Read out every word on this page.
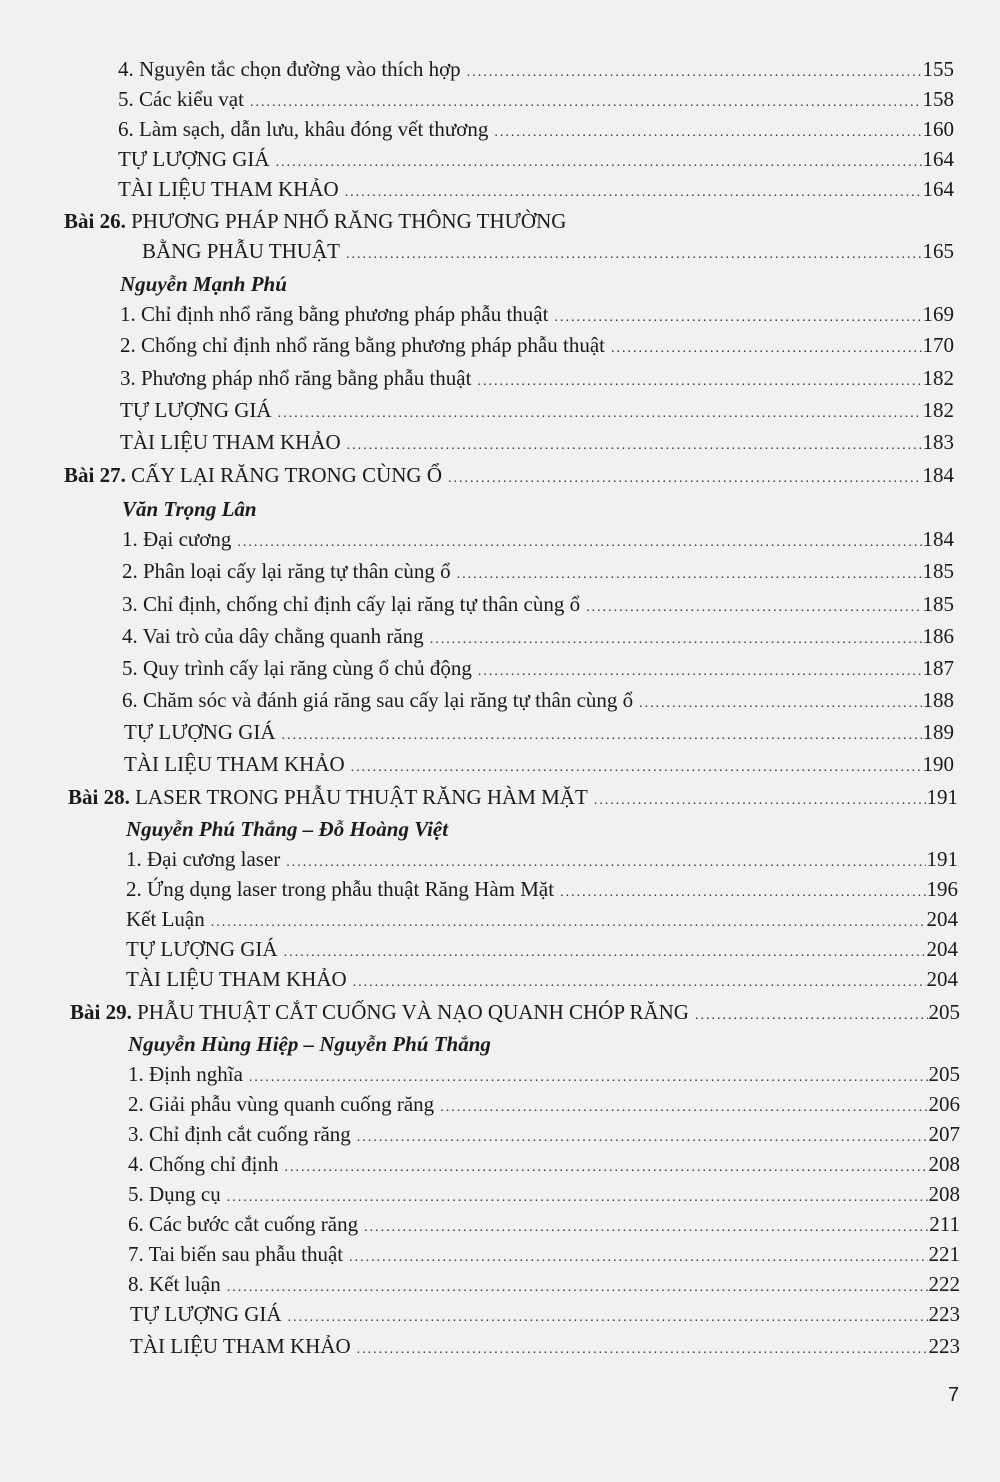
4. Nguyên tắc chọn đường vào thích hợp .....	155
5. Các kiểu vạt .....	158
6. Làm sạch, dẫn lưu, khâu đóng vết thương .....	160
TỰ LƯỢNG GIÁ .....	164
TÀI LIỆU THAM KHẢO .....	164
Bài 26. PHƯƠNG PHÁP NHỔ RĂNG THÔNG THƯỜNG
BẰNG PHẪU THUẬT .....	165
Nguyễn Mạnh Phú
1. Chỉ định nhổ răng bằng phương pháp phẫu thuật .....	169
2. Chống chỉ định nhổ răng bằng phương pháp phẫu thuật .....	170
3. Phương pháp nhổ răng bằng phẫu thuật .....	182
TỰ LƯỢNG GIÁ .....	182
TÀI LIỆU THAM KHẢO .....	183
Bài 27. CẤY LẠI RĂNG TRONG CÙNG Ổ .....	184
Văn Trọng Lân
1. Đại cương .....	184
2. Phân loại cấy lại răng tự thân cùng ổ .....	185
3. Chỉ định, chống chỉ định cấy lại răng tự thân cùng ổ .....	185
4. Vai trò của dây chằng quanh răng .....	186
5. Quy trình cấy lại răng cùng ổ chủ động .....	187
6. Chăm sóc và đánh giá răng sau cấy lại răng tự thân cùng ổ .....	188
TỰ LƯỢNG GIÁ .....	189
TÀI LIỆU THAM KHẢO .....	190
Bài 28. LASER TRONG PHẪU THUẬT RĂNG HÀM MẶT .....	191
Nguyễn Phú Thắng – Đỗ Hoàng Việt
1. Đại cương laser .....	191
2. Ứng dụng laser trong phẫu thuật Răng Hàm Mặt .....	196
Kết Luận .....	204
TỰ LƯỢNG GIÁ .....	204
TÀI LIỆU THAM KHẢO .....	204
Bài 29. PHẪU THUẬT CẮT CUỐNG VÀ NẠO QUANH CHÓP RĂNG .....	205
Nguyễn Hùng Hiệp – Nguyễn Phú Thắng
1. Định nghĩa .....	205
2. Giải phẫu vùng quanh cuống răng .....	206
3. Chỉ định cắt cuống răng .....	207
4. Chống chỉ định .....	208
5. Dụng cụ .....	208
6. Các bước cắt cuống răng .....	211
7. Tai biến sau phẫu thuật .....	221
8. Kết luận .....	222
TỰ LƯỢNG GIÁ .....	223
TÀI LIỆU THAM KHẢO .....	223
7
